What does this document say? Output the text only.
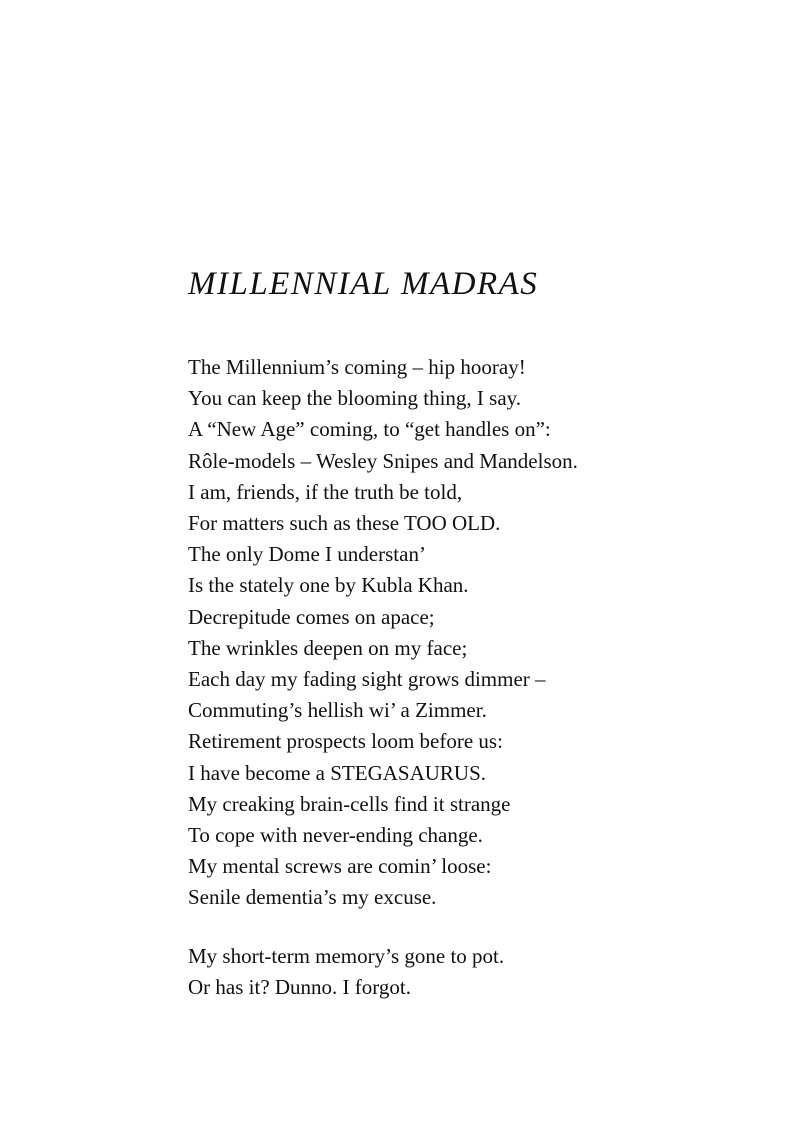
MILLENNIAL MADRAS
The Millennium’s coming – hip hooray!
You can keep the blooming thing, I say.
A “New Age” coming, to “get handles on”:
Rôle-models – Wesley Snipes and Mandelson.
I am, friends, if the truth be told,
For matters such as these TOO OLD.
The only Dome I understan’
Is the stately one by Kubla Khan.
Decrepitude comes on apace;
The wrinkles deepen on my face;
Each day my fading sight grows dimmer –
Commuting’s hellish wi’ a Zimmer.
Retirement prospects loom before us:
I have become a STEGASAURUS.
My creaking brain-cells find it strange
To cope with never-ending change.
My mental screws are comin’ loose:
Senile dementia’s my excuse.
My short-term memory’s gone to pot.
Or has it? Dunno. I forgot.
